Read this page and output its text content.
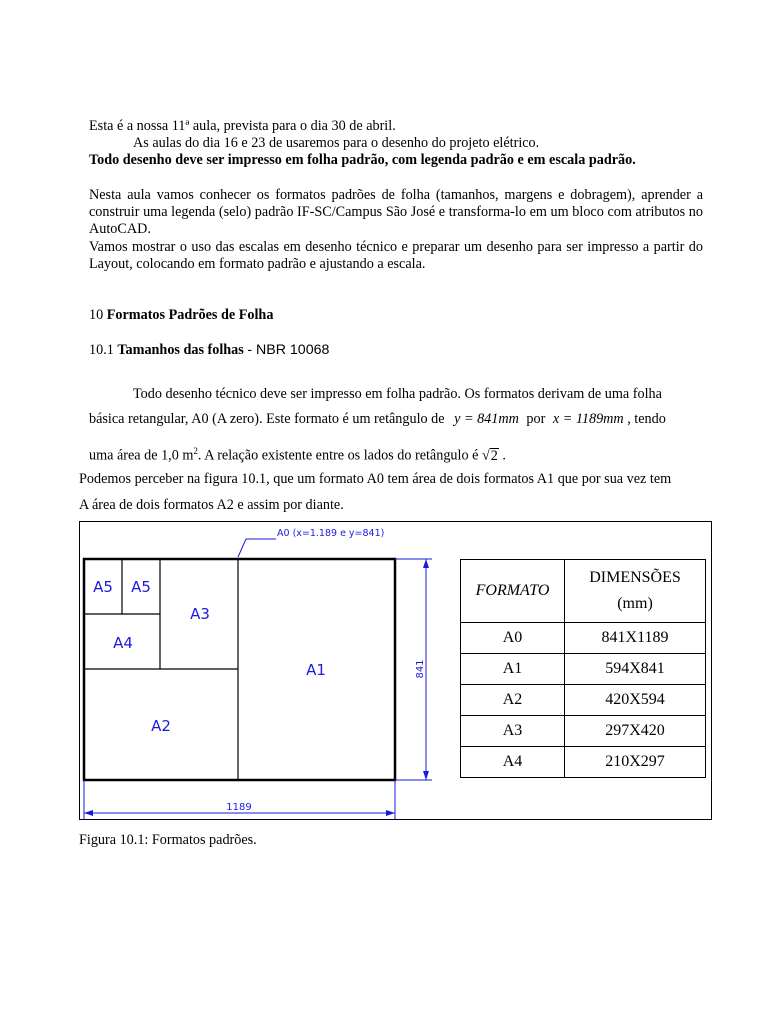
Esta é a nossa 11ª aula, prevista para o dia 30 de abril.

As aulas do dia 16 e 23 de usaremos para o desenho do projeto elétrico.

Todo desenho deve ser impresso em folha padrão, com legenda padrão e em escala padrão.

Nesta aula vamos conhecer os formatos padrões de folha (tamanhos, margens e dobragem), aprender a construir uma legenda (selo) padrão IF-SC/Campus São José e transforma-lo em um bloco com atributos no AutoCAD.

Vamos mostrar o uso das escalas em desenho técnico e preparar um desenho para ser impresso a partir do Layout, colocando em formato padrão e ajustando a escala.

10 Formatos Padrões de Folha

10.1 Tamanhos das folhas - NBR 10068

Todo desenho técnico deve ser impresso em folha padrão. Os formatos derivam de uma folha

básica retangular, A0 (A zero). Este formato é um retângulo de y = 841mm por x = 1189mm , tendo

uma área de 1,0 $m^2$. A relação existente entre os lados do retângulo é √2 .

Podemos perceber na figura 10.1, que um formato A0 tem área de dois formatos A1 que por sua vez tem

A área de dois formatos A2 e assim por diante.

A5 A5
A4
A3
A2
A1
A0 (x=1.189 e y=841)
841
1189
FORMATO	DIMENSÕES
(mm)

A0	841X1189
A1	594X841
A2	420X594
A3	297X420
A4	210X297

Figura 10.1: Formatos padrões.
